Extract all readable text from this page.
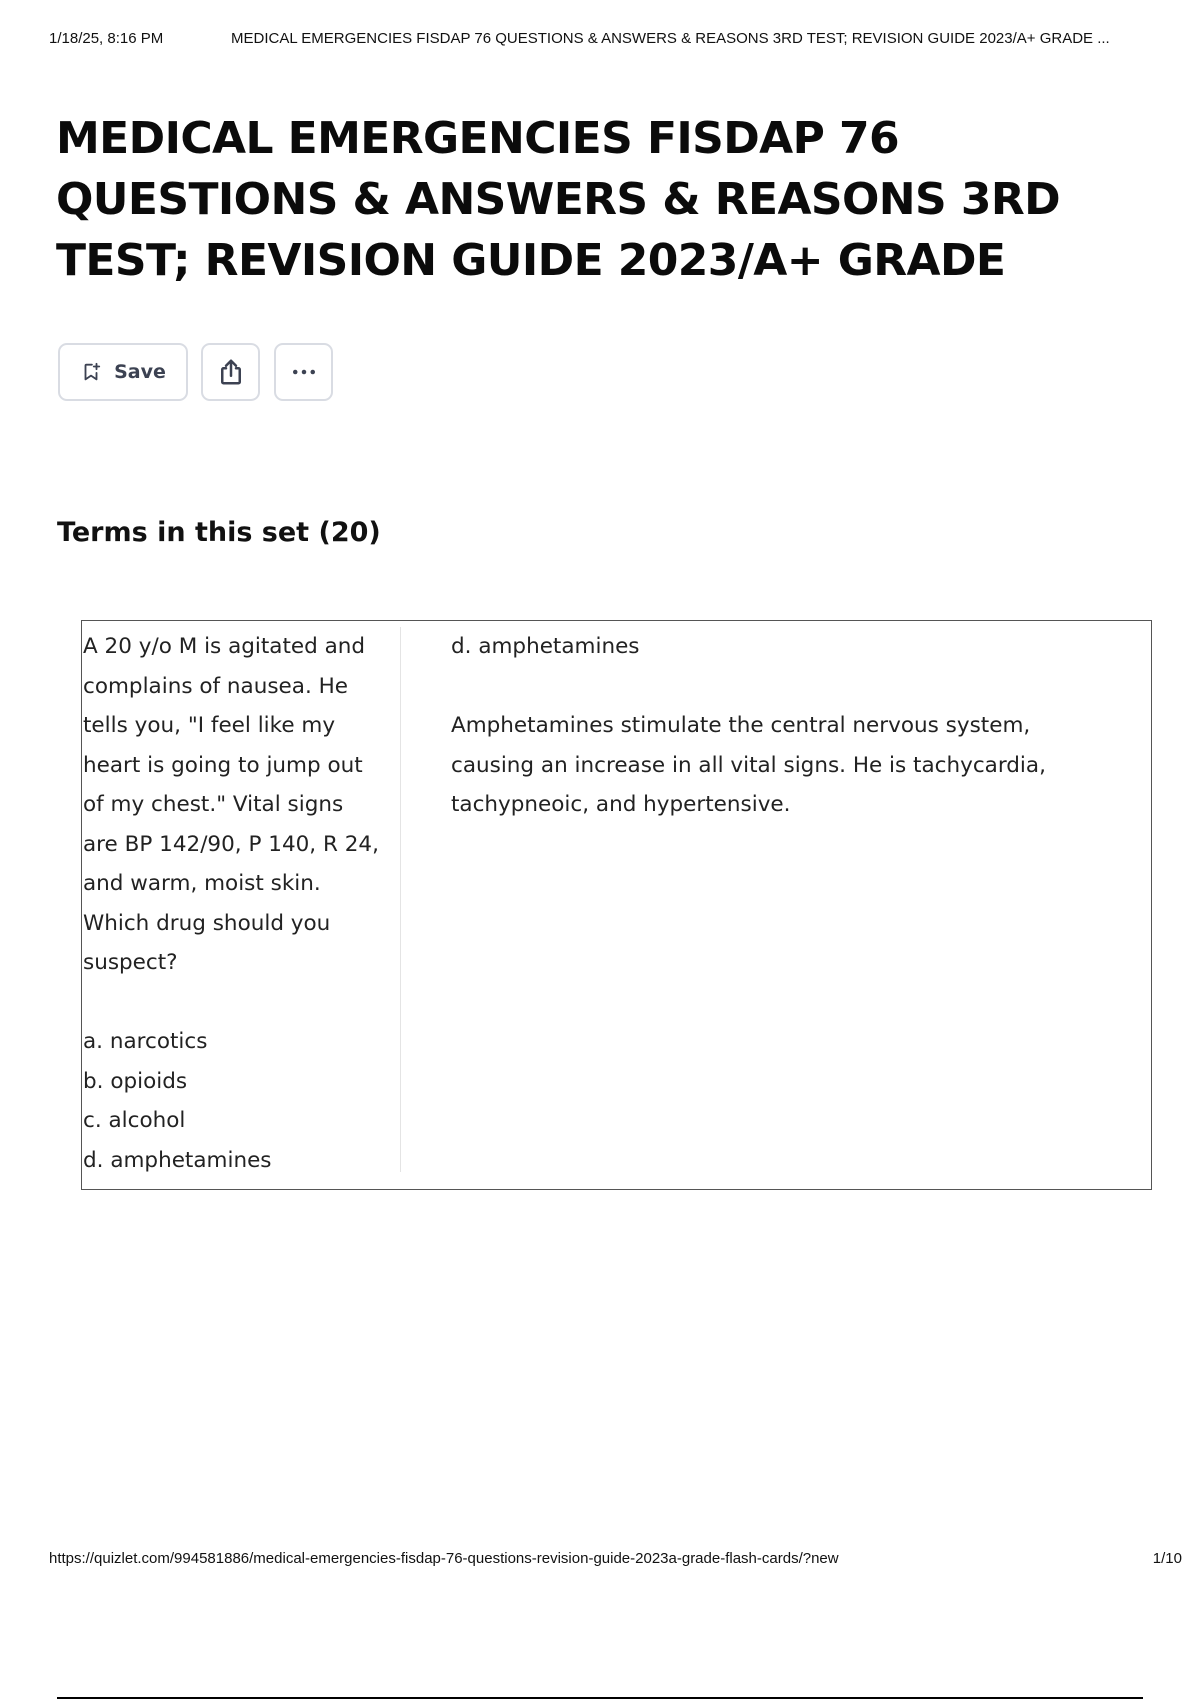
1/18/25, 8:16 PM	MEDICAL EMERGENCIES FISDAP 76 QUESTIONS & ANSWERS & REASONS 3RD TEST; REVISION GUIDE 2023/A+ GRADE ...
MEDICAL EMERGENCIES FISDAP 76 QUESTIONS & ANSWERS & REASONS 3RD TEST; REVISION GUIDE 2023/A+ GRADE
Save
Terms in this set (20)
A 20 y/o M is agitated and
complains of nausea. He
tells you, "I feel like my
heart is going to jump out
of my chest." Vital signs
are BP 142/90, P 140, R 24,
and warm, moist skin.
Which drug should you
suspect?
a. narcotics
b. opioids
c. alcohol
d. amphetamines
d. amphetamines
Amphetamines stimulate the central nervous system,
causing an increase in all vital signs. He is tachycardia,
tachypneoic, and hypertensive.
https://quizlet.com/994581886/medical-emergencies-fisdap-76-questions-revision-guide-2023a-grade-flash-cards/?new	1/10
